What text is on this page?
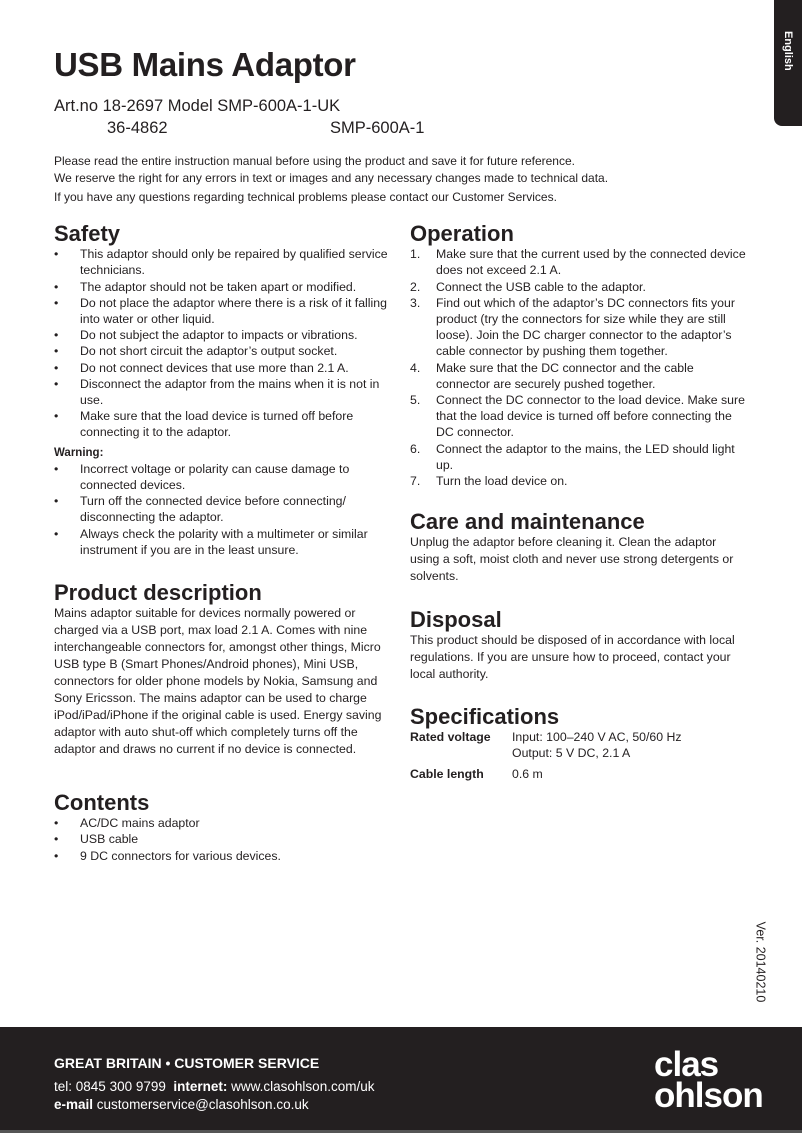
English
USB Mains Adaptor
Art.no 18-2697 Model SMP-600A-1-UK
36-4862	SMP-600A-1
Please read the entire instruction manual before using the product and save it for future reference.
We reserve the right for any errors in text or images and any necessary changes made to technical data.
If you have any questions regarding technical problems please contact our Customer Services.
Safety
• This adaptor should only be repaired by qualified service technicians.
• The adaptor should not be taken apart or modified.
• Do not place the adaptor where there is a risk of it falling into water or other liquid.
• Do not subject the adaptor to impacts or vibrations.
• Do not short circuit the adaptor’s output socket.
• Do not connect devices that use more than 2.1 A.
• Disconnect the adaptor from the mains when it is not in use.
• Make sure that the load device is turned off before connecting it to the adaptor.
Warning:
• Incorrect voltage or polarity can cause damage to connected devices.
• Turn off the connected device before connecting/ disconnecting the adaptor.
• Always check the polarity with a multimeter or similar instrument if you are in the least unsure.
Product description
Mains adaptor suitable for devices normally powered or charged via a USB port, max load 2.1 A. Comes with nine interchangeable connectors for, amongst other things, Micro USB type B (Smart Phones/Android phones), Mini USB, connectors for older phone models by Nokia, Samsung and Sony Ericsson. The mains adaptor can be used to charge iPod/iPad/iPhone if the original cable is used. Energy saving adaptor with auto shut-off which completely turns off the adaptor and draws no current if no device is connected.
Contents
• AC/DC mains adaptor
• USB cable
• 9 DC connectors for various devices.
Operation
1. Make sure that the current used by the connected device does not exceed 2.1 A.
2. Connect the USB cable to the adaptor.
3. Find out which of the adaptor’s DC connectors fits your product (try the connectors for size while they are still loose). Join the DC charger connector to the adaptor’s cable connector by pushing them together.
4. Make sure that the DC connector and the cable connector are securely pushed together.
5. Connect the DC connector to the load device. Make sure that the load device is turned off before connecting the DC connector.
6. Connect the adaptor to the mains, the LED should light up.
7. Turn the load device on.
Care and maintenance
Unplug the adaptor before cleaning it. Clean the adaptor using a soft, moist cloth and never use strong detergents or solvents.
Disposal
This product should be disposed of in accordance with local regulations. If you are unsure how to proceed, contact your local authority.
Specifications
Rated voltage	Input: 100–240 V AC, 50/60 Hz
Output: 5 V DC, 2.1 A
Cable length	0.6 m
Ver. 20140210
GREAT BRITAIN • CUSTOMER SERVICE
tel: 0845 300 9799 internet: www.clasohlson.com/uk
e-mail customerservice@clasohlson.co.uk
clas
ohlson
